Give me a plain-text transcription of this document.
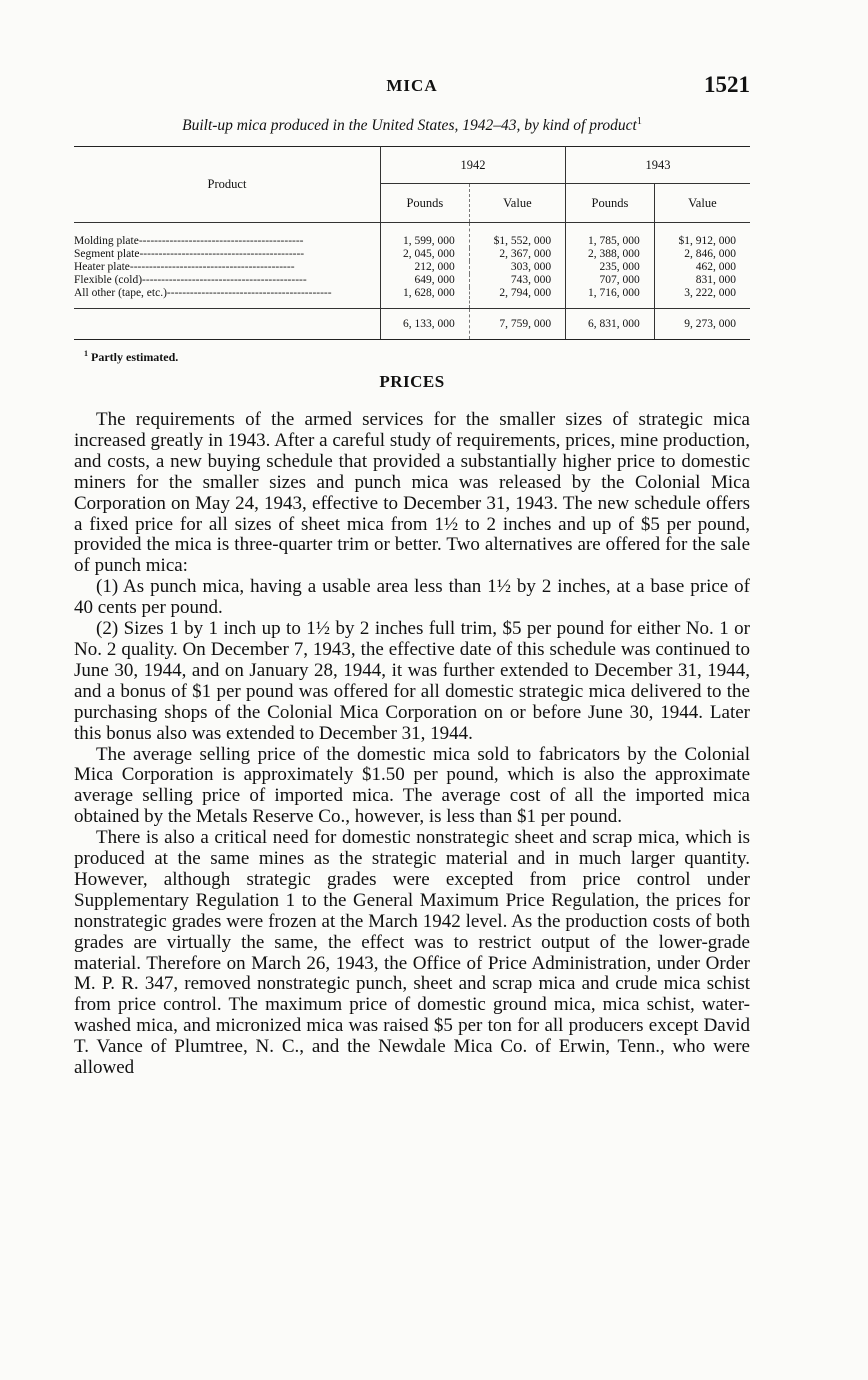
MICA	1521
Built-up mica produced in the United States, 1942–43, by kind of product$^1$
Product	1942		1943	
	Pounds	Value	Pounds	Value
Molding plate-------------------------------------------	1, 599, 000	$1, 552, 000	1, 785, 000	$1, 912, 000
Segment plate-------------------------------------------	2, 045, 000	2, 367, 000	2, 388, 000	2, 846, 000
Heater plate-------------------------------------------	212, 000	303, 000	235, 000	462, 000
Flexible (cold)-------------------------------------------	649, 000	743, 000	707, 000	831, 000
All other (tape, etc.)-------------------------------------------	1, 628, 000	2, 794, 000	1, 716, 000	3, 222, 000
	6, 133, 000	7, 759, 000	6, 831, 000	9, 273, 000
$^1$ Partly estimated.
PRICES

The requirements of the armed services for the smaller sizes of strategic mica increased greatly in 1943. After a careful study of requirements, prices, mine production, and costs, a new buying schedule that provided a substantially higher price to domestic miners for the smaller sizes and punch mica was released by the Colonial Mica Corporation on May 24, 1943, effective to December 31, 1943. The new schedule offers a fixed price for all sizes of sheet mica from 1½ to 2 inches and up of $5 per pound, provided the mica is three-quarter trim or better. Two alternatives are offered for the sale of punch mica:

(1) As punch mica, having a usable area less than 1½ by 2 inches, at a base price of 40 cents per pound.

(2) Sizes 1 by 1 inch up to 1½ by 2 inches full trim, $5 per pound for either No. 1 or No. 2 quality. On December 7, 1943, the effective date of this schedule was continued to June 30, 1944, and on January 28, 1944, it was further extended to December 31, 1944, and a bonus of $1 per pound was offered for all domestic strategic mica delivered to the purchasing shops of the Colonial Mica Corporation on or before June 30, 1944. Later this bonus also was extended to December 31, 1944.

The average selling price of the domestic mica sold to fabricators by the Colonial Mica Corporation is approximately $1.50 per pound, which is also the approximate average selling price of imported mica. The average cost of all the imported mica obtained by the Metals Reserve Co., however, is less than $1 per pound.

There is also a critical need for domestic nonstrategic sheet and scrap mica, which is produced at the same mines as the strategic material and in much larger quantity. However, although strategic grades were excepted from price control under Supplementary Regulation 1 to the General Maximum Price Regulation, the prices for nonstrategic grades were frozen at the March 1942 level. As the production costs of both grades are virtually the same, the effect was to restrict output of the lower-grade material. Therefore on March 26, 1943, the Office of Price Administration, under Order M. P. R. 347, removed nonstrategic punch, sheet and scrap mica and crude mica schist from price control. The maximum price of domestic ground mica, mica schist, water-washed mica, and micronized mica was raised $5 per ton for all producers except David T. Vance of Plumtree, N. C., and the Newdale Mica Co. of Erwin, Tenn., who were allowed
